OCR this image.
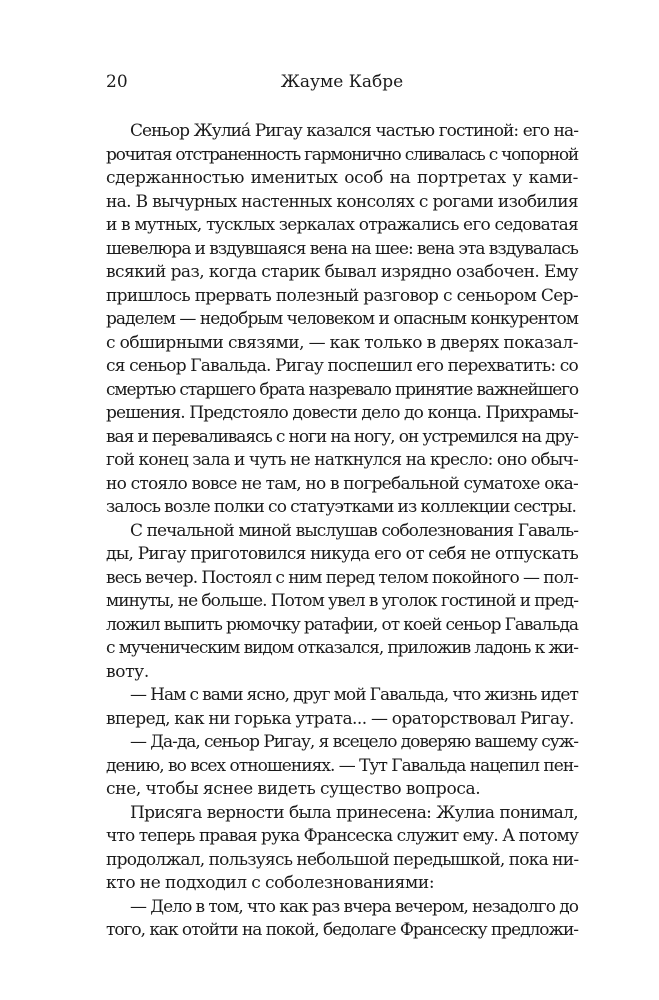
20	Жауме Кабре
Сеньор Жулиа́ Ригау казался частью гостиной: его на-
рочитая отстраненность гармонично сливалась с чопорной
сдержанностью именитых особ на портретах у ками-
на. В вычурных настенных консолях с рогами изобилия
и в мутных, тусклых зеркалах отражались его седоватая
шевелюра и вздувшаяся вена на шее: вена эта вздувалась
всякий раз, когда старик бывал изрядно озабочен. Ему
пришлось прервать полезный разговор с сеньором Сер-
раделем — недобрым человеком и опасным конкурентом
с обширными связями, — как только в дверях показал-
ся сеньор Гавальда. Ригау поспешил его перехватить: со
смертью старшего брата назревало принятие важнейшего
решения. Предстояло довести дело до конца. Прихрамы-
вая и переваливаясь с ноги на ногу, он устремился на дру-
гой конец зала и чуть не наткнулся на кресло: оно обыч-
но стояло вовсе не там, но в погребальной суматохе ока-
залось возле полки со статуэтками из коллекции сестры.
С печальной миной выслушав соболезнования Гаваль-
ды, Ригау приготовился никуда его от себя не отпускать
весь вечер. Постоял с ним перед телом покойного — пол-
минуты, не больше. Потом увел в уголок гостиной и пред-
ложил выпить рюмочку ратафии, от коей сеньор Гавальда
с мученическим видом отказался, приложив ладонь к жи-
воту.
— Нам с вами ясно, друг мой Гавальда, что жизнь идет
вперед, как ни горька утрата... — ораторствовал Ригау.
— Да-да, сеньор Ригау, я всецело доверяю вашему суж-
дению, во всех отношениях. — Тут Гавальда нацепил пен-
сне, чтобы яснее видеть существо вопроса.
Присяга верности была принесена: Жулиа понимал,
что теперь правая рука Франсеска служит ему. А потому
продолжал, пользуясь небольшой передышкой, пока ни-
кто не подходил с соболезнованиями:
— Дело в том, что как раз вчера вечером, незадолго до
того, как отойти на покой, бедолаге Франсеску предложи-
